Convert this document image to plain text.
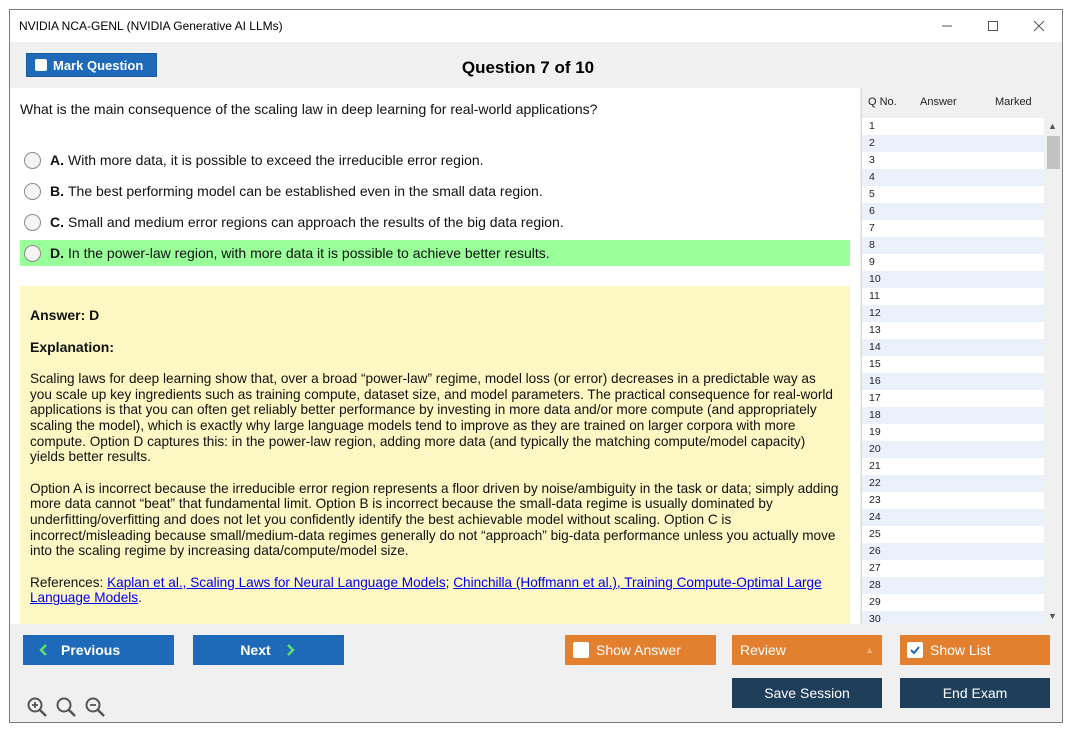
NVIDIA NCA-GENL (NVIDIA Generative AI LLMs)
Mark Question	Question 7 of 10
What is the main consequence of the scaling law in deep learning for real-world applications?
A. With more data, it is possible to exceed the irreducible error region.
B. The best performing model can be established even in the small data region.
C. Small and medium error regions can approach the results of the big data region.
D. In the power-law region, with more data it is possible to achieve better results.
Answer: D
Explanation:

Scaling laws for deep learning show that, over a broad “power-law” regime, model loss (or error) decreases in a predictable way as you scale up key ingredients such as training compute, dataset size, and model parameters. The practical consequence for real-world applications is that you can often get reliably better performance by investing in more data and/or more compute (and appropriately scaling the model), which is exactly why large language models tend to improve as they are trained on larger corpora with more compute. Option D captures this: in the power-law region, adding more data (and typically the matching compute/model capacity) yields better results.

Option A is incorrect because the irreducible error region represents a floor driven by noise/ambiguity in the task or data; simply adding more data cannot “beat” that fundamental limit. Option B is incorrect because the small-data regime is usually dominated by underfitting/overfitting and does not let you confidently identify the best achievable model without scaling. Option C is incorrect/misleading because small/medium-data regimes generally do not “approach” big-data performance unless you actually move into the scaling regime by increasing data/compute/model size.

References: Kaplan et al., Scaling Laws for Neural Language Models; Chinchilla (Hoffmann et al.), Training Compute-Optimal Large Language Models.

Q No. Answer	Marked
1
2
3
4
5
6
7
8
9
10
11
12
13
14
15
16
17
18
19
20
21
22
23
24
25
26
27
28
29
30
▲
▼
Previous	Next	Show Answer	Review	▲	Show List
Save Session	End Exam
